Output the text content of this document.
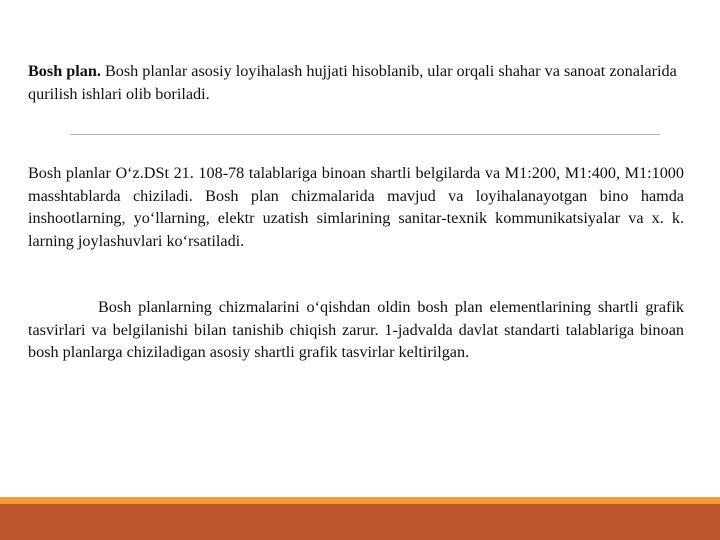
Bosh plan. Bosh planlar asosiy loyihalash hujjati hisoblanib, ular orqali shahar va sanoat zonalarida qurilish ishlari olib boriladi.

Bosh planlar O‘z.DSt 21. 108-78 talablariga binoan shartli belgilarda va M1:200, M1:400, M1:1000 masshtablarda chiziladi. Bosh plan chizmalarida mavjud va loyihalanayotgan bino hamda inshootlarning, yo‘llarning, elektr uzatish simlarining sanitar-texnik kommunikatsiyalar va x. k. larning joylashuvlari ko‘rsatiladi.

Bosh planlarning chizmalarini o‘qishdan oldin bosh plan elementlarining shartli grafik tasvirlari va belgilanishi bilan tanishib chiqish zarur. 1-jadvalda davlat standarti talablariga binoan bosh planlarga chiziladigan asosiy shartli grafik tasvirlar keltirilgan.
